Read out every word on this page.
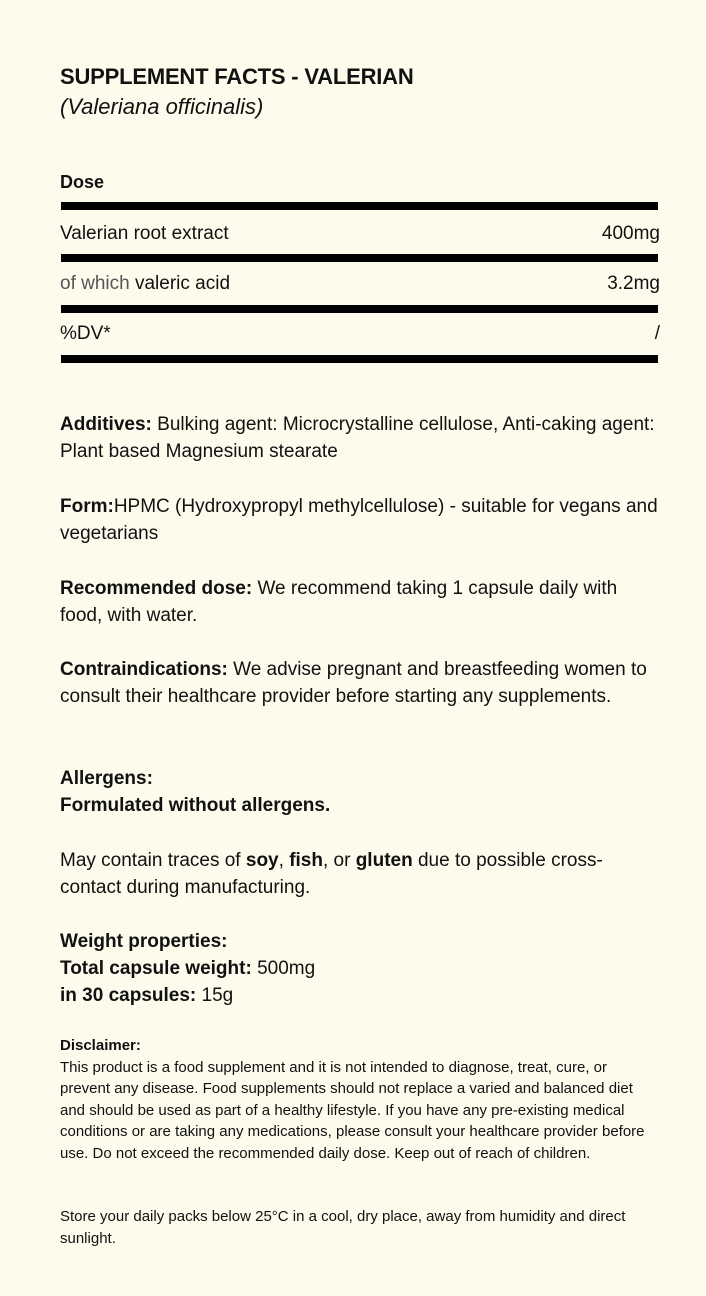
SUPPLEMENT FACTS - VALERIAN
(Valeriana officinalis)
Dose
Valerian root extract	400mg
of which valeric acid	3.2mg
%DV*	/

Additives: Bulking agent: Microcrystalline cellulose, Anti-caking agent: Plant based Magnesium stearate

Form:HPMC (Hydroxypropyl methylcellulose) - suitable for vegans and vegetarians

Recommended dose: We recommend taking 1 capsule daily with food, with water.

Contraindications: We advise pregnant and breastfeeding women to consult their healthcare provider before starting any supplements.

Allergens:
Formulated without allergens.

May contain traces of soy, fish, or gluten due to possible cross-contact during manufacturing.

Weight properties:
Total capsule weight: 500mg
in 30 capsules: 15g

Disclaimer:
This product is a food supplement and it is not intended to diagnose, treat, cure, or prevent any disease. Food supplements should not replace a varied and balanced diet and should be used as part of a healthy lifestyle. If you have any pre-existing medical conditions or are taking any medications, please consult your healthcare provider before use. Do not exceed the recommended daily dose. Keep out of reach of children.
Store your daily packs below 25°C in a cool, dry place, away from humidity and direct sunlight.
